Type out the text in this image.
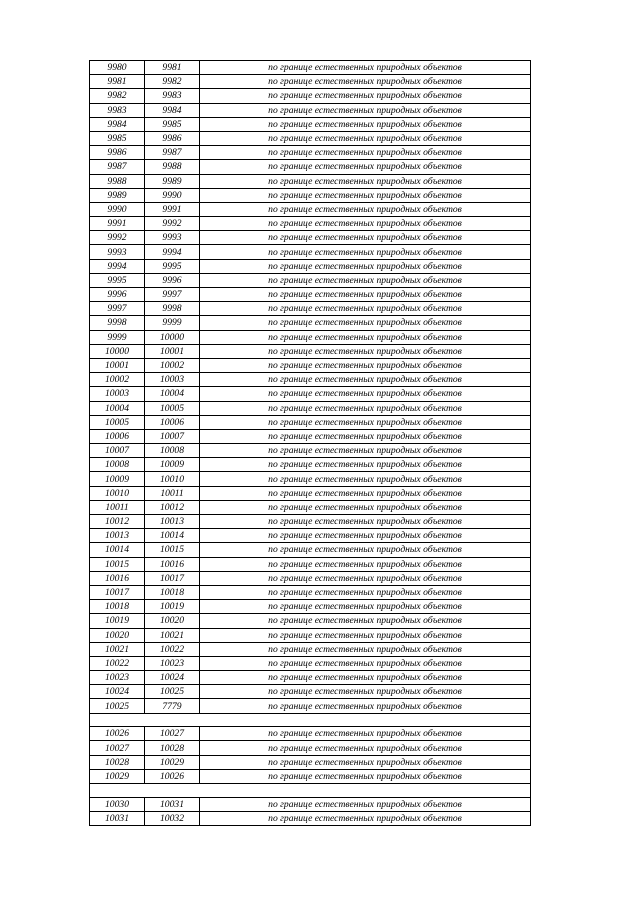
9980	9981	по границе естественных природных объектов
9981	9982	по границе естественных природных объектов
9982	9983	по границе естественных природных объектов
9983	9984	по границе естественных природных объектов
9984	9985	по границе естественных природных объектов
9985	9986	по границе естественных природных объектов
9986	9987	по границе естественных природных объектов
9987	9988	по границе естественных природных объектов
9988	9989	по границе естественных природных объектов
9989	9990	по границе естественных природных объектов
9990	9991	по границе естественных природных объектов
9991	9992	по границе естественных природных объектов
9992	9993	по границе естественных природных объектов
9993	9994	по границе естественных природных объектов
9994	9995	по границе естественных природных объектов
9995	9996	по границе естественных природных объектов
9996	9997	по границе естественных природных объектов
9997	9998	по границе естественных природных объектов
9998	9999	по границе естественных природных объектов
9999	10000	по границе естественных природных объектов
10000	10001	по границе естественных природных объектов
10001	10002	по границе естественных природных объектов
10002	10003	по границе естественных природных объектов
10003	10004	по границе естественных природных объектов
10004	10005	по границе естественных природных объектов
10005	10006	по границе естественных природных объектов
10006	10007	по границе естественных природных объектов
10007	10008	по границе естественных природных объектов
10008	10009	по границе естественных природных объектов
10009	10010	по границе естественных природных объектов
10010	10011	по границе естественных природных объектов
10011	10012	по границе естественных природных объектов
10012	10013	по границе естественных природных объектов
10013	10014	по границе естественных природных объектов
10014	10015	по границе естественных природных объектов
10015	10016	по границе естественных природных объектов
10016	10017	по границе естественных природных объектов
10017	10018	по границе естественных природных объектов
10018	10019	по границе естественных природных объектов
10019	10020	по границе естественных природных объектов
10020	10021	по границе естественных природных объектов
10021	10022	по границе естественных природных объектов
10022	10023	по границе естественных природных объектов
10023	10024	по границе естественных природных объектов
10024	10025	по границе естественных природных объектов
10025	7779	по границе естественных природных объектов

10026	10027	по границе естественных природных объектов
10027	10028	по границе естественных природных объектов
10028	10029	по границе естественных природных объектов
10029	10026	по границе естественных природных объектов

10030	10031	по границе естественных природных объектов
10031	10032	по границе естественных природных объектов
